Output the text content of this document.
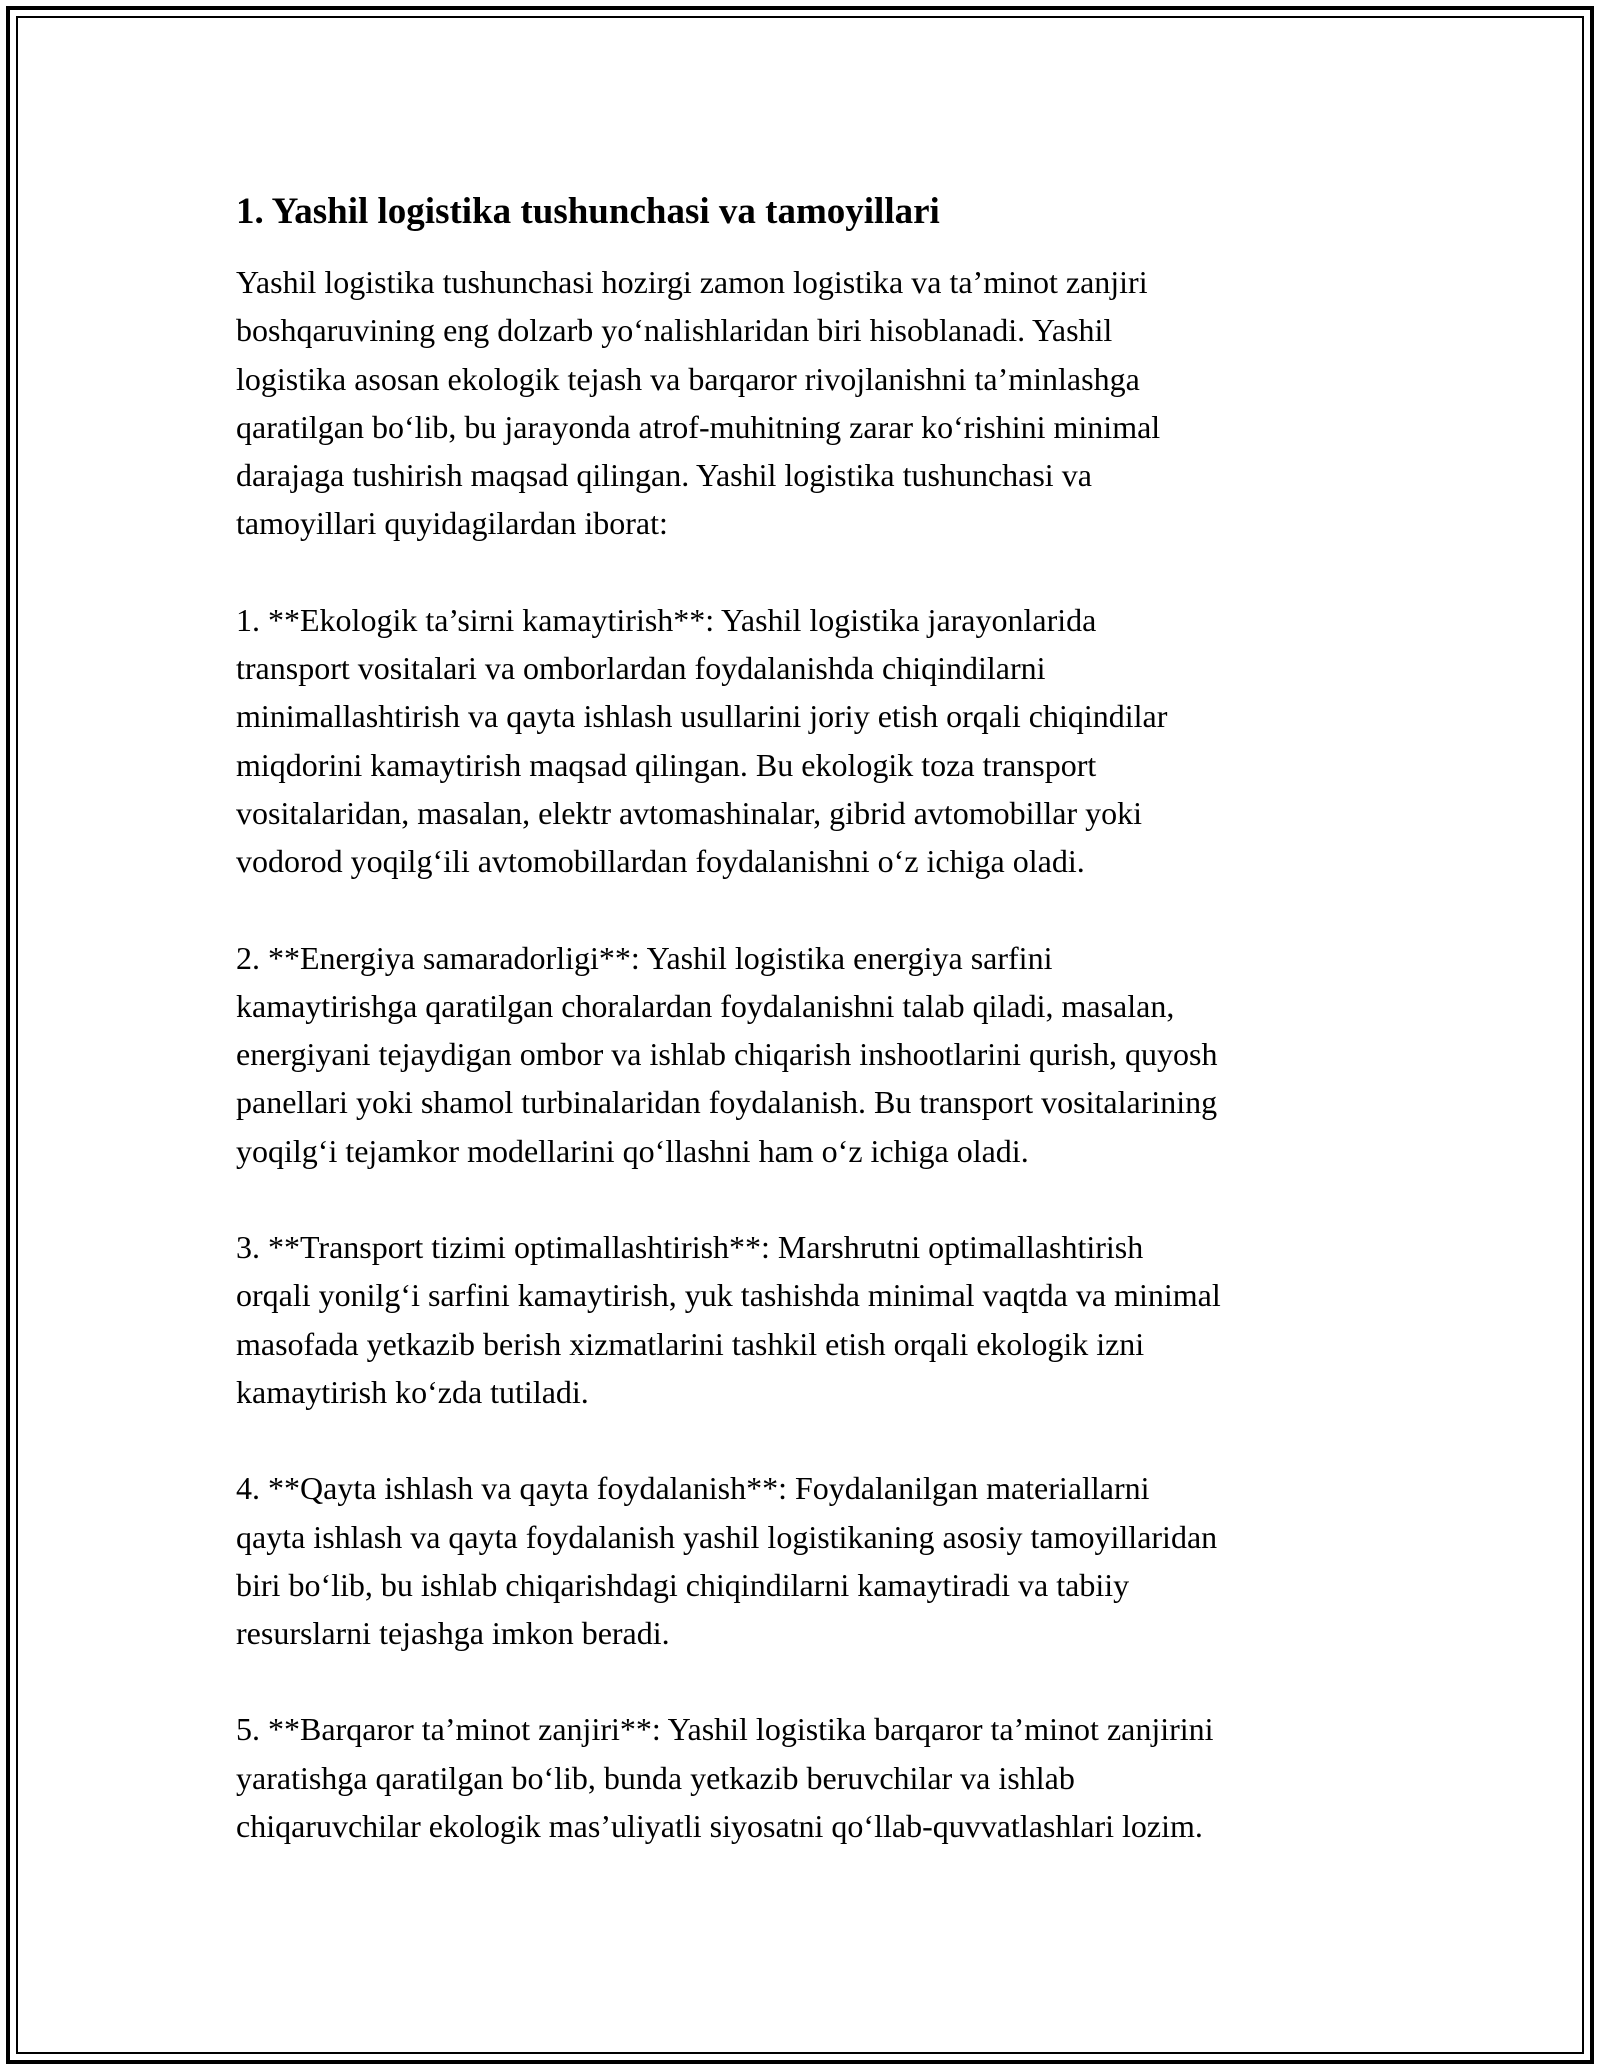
1. Yashil logistika tushunchasi va tamoyillari

Yashil logistika tushunchasi hozirgi zamon logistika va ta’minot zanjiri
boshqaruvining eng dolzarb yo‘nalishlaridan biri hisoblanadi. Yashil
logistika asosan ekologik tejash va barqaror rivojlanishni ta’minlashga
qaratilgan bo‘lib, bu jarayonda atrof-muhitning zarar ko‘rishini minimal
darajaga tushirish maqsad qilingan. Yashil logistika tushunchasi va
tamoyillari quyidagilardan iborat:

1. **Ekologik ta’sirni kamaytirish**: Yashil logistika jarayonlarida
transport vositalari va omborlardan foydalanishda chiqindilarni
minimallashtirish va qayta ishlash usullarini joriy etish orqali chiqindilar
miqdorini kamaytirish maqsad qilingan. Bu ekologik toza transport
vositalaridan, masalan, elektr avtomashinalar, gibrid avtomobillar yoki
vodorod yoqilg‘ili avtomobillardan foydalanishni o‘z ichiga oladi.

2. **Energiya samaradorligi**: Yashil logistika energiya sarfini
kamaytirishga qaratilgan choralardan foydalanishni talab qiladi, masalan,
energiyani tejaydigan ombor va ishlab chiqarish inshootlarini qurish, quyosh
panellari yoki shamol turbinalaridan foydalanish. Bu transport vositalarining
yoqilg‘i tejamkor modellarini qo‘llashni ham o‘z ichiga oladi.

3. **Transport tizimi optimallashtirish**: Marshrutni optimallashtirish
orqali yonilg‘i sarfini kamaytirish, yuk tashishda minimal vaqtda va minimal
masofada yetkazib berish xizmatlarini tashkil etish orqali ekologik izni
kamaytirish ko‘zda tutiladi.

4. **Qayta ishlash va qayta foydalanish**: Foydalanilgan materiallarni
qayta ishlash va qayta foydalanish yashil logistikaning asosiy tamoyillaridan
biri bo‘lib, bu ishlab chiqarishdagi chiqindilarni kamaytiradi va tabiiy
resurslarni tejashga imkon beradi.

5. **Barqaror ta’minot zanjiri**: Yashil logistika barqaror ta’minot zanjirini
yaratishga qaratilgan bo‘lib, bunda yetkazib beruvchilar va ishlab
chiqaruvchilar ekologik mas’uliyatli siyosatni qo‘llab-quvvatlashlari lozim.
